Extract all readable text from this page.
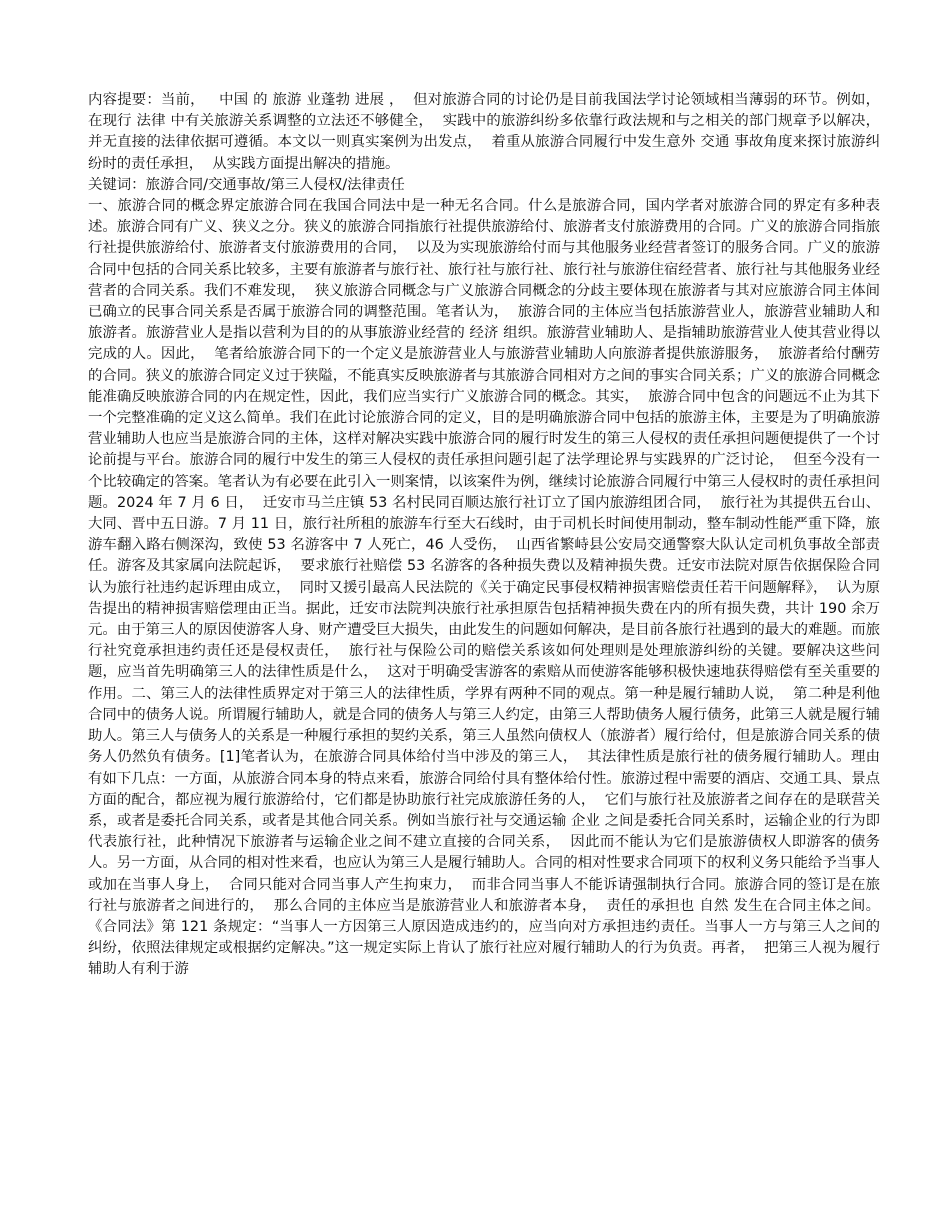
内容提要：当前，   中国 的 旅游 业蓬勃 进展 ，  但对旅游合同的讨论仍是目前我国法学讨论领域相当薄弱的环节。例如，在现行 法律 中有关旅游关系调整的立法还不够健全，  实践中的旅游纠纷多依靠行政法规和与之相关的部门规章予以解决，  并无直接的法律依据可遵循。本文以一则真实案例为出发点，  着重从旅游合同履行中发生意外 交通 事故角度来探讨旅游纠纷时的责任承担，  从实践方面提出解决的措施。

关键词：旅游合同/交通事故/第三人侵权/法律责任

一、旅游合同的概念界定旅游合同在我国合同法中是一种无名合同。什么是旅游合同，国内学者对旅游合同的界定有多种表述。旅游合同有广义、狭义之分。狭义的旅游合同指旅行社提供旅游给付、旅游者支付旅游费用的合同。广义的旅游合同指旅行社提供旅游给付、旅游者支付旅游费用的合同，  以及为实现旅游给付而与其他服务业经营者签订的服务合同。广义的旅游合同中包括的合同关系比较多，主要有旅游者与旅行社、旅行社与旅行社、旅行社与旅游住宿经营者、旅行社与其他服务业经营者的合同关系。我们不难发现，  狭义旅游合同概念与广义旅游合同概念的分歧主要体现在旅游者与其对应旅游合同主体间已确立的民事合同关系是否属于旅游合同的调整范围。笔者认为，  旅游合同的主体应当包括旅游营业人，旅游营业辅助人和旅游者。旅游营业人是指以营利为目的的从事旅游业经营的 经济 组织。旅游营业辅助人、是指辅助旅游营业人使其营业得以完成的人。因此，  笔者给旅游合同下的一个定义是旅游营业人与旅游营业辅助人向旅游者提供旅游服务，  旅游者给付酬劳的合同。狭义的旅游合同定义过于狭隘，不能真实反映旅游者与其旅游合同相对方之间的事实合同关系；广义的旅游合同概念能准确反映旅游合同的内在规定性，因此，我们应当实行广义旅游合同的概念。其实，  旅游合同中包含的问题远不止为其下一个完整准确的定义这么简单。我们在此讨论旅游合同的定义，目的是明确旅游合同中包括的旅游主体，主要是为了明确旅游营业辅助人也应当是旅游合同的主体，这样对解决实践中旅游合同的履行时发生的第三人侵权的责任承担问题便提供了一个讨论前提与平台。旅游合同的履行中发生的第三人侵权的责任承担问题引起了法学理论界与实践界的广泛讨论，  但至今没有一个比较确定的答案。笔者认为有必要在此引入一则案情，以该案件为例，继续讨论旅游合同履行中第三人侵权时的责任承担问题。2024 年 7 月 6 日，  迁安市马兰庄镇 53 名村民同百顺达旅行社订立了国内旅游组团合同，  旅行社为其提供五台山、大同、晋中五日游。7 月 11 日，旅行社所租的旅游车行至大石线时，由于司机长时间使用制动，整车制动性能严重下降，旅游车翻入路右侧深沟，致使 53 名游客中 7 人死亡，46 人受伤，  山西省繁峙县公安局交通警察大队认定司机负事故全部责任。游客及其家属向法院起诉，  要求旅行社赔偿 53 名游客的各种损失费以及精神损失费。迁安市法院对原告依据保险合同认为旅行社违约起诉理由成立，  同时又援引最高人民法院的《关于确定民事侵权精神损害赔偿责任若干问题解释》，  认为原告提出的精神损害赔偿理由正当。据此，迁安市法院判决旅行社承担原告包括精神损失费在内的所有损失费，共计 190 余万元。由于第三人的原因使游客人身、财产遭受巨大损失，由此发生的问题如何解决，是目前各旅行社遇到的最大的难题。而旅行社究竟承担违约责任还是侵权责任，  旅行社与保险公司的赔偿关系该如何处理则是处理旅游纠纷的关键。要解决这些问题，应当首先明确第三人的法律性质是什么，  这对于明确受害游客的索赔从而使游客能够积极快速地获得赔偿有至关重要的作用。二、第三人的法律性质界定对于第三人的法律性质，学界有两种不同的观点。第一种是履行辅助人说，  第二种是利他合同中的债务人说。所谓履行辅助人，就是合同的债务人与第三人约定，由第三人帮助债务人履行债务，此第三人就是履行辅助人。第三人与债务人的关系是一种履行承担的契约关系，第三人虽然向债权人（旅游者）履行给付，但是旅游合同关系的债务人仍然负有债务。[1]笔者认为，在旅游合同具体给付当中涉及的第三人，  其法律性质是旅行社的债务履行辅助人。理由有如下几点：一方面，从旅游合同本身的特点来看，旅游合同给付具有整体给付性。旅游过程中需要的酒店、交通工具、景点方面的配合，都应视为履行旅游给付，它们都是协助旅行社完成旅游任务的人，  它们与旅行社及旅游者之间存在的是联营关系，或者是委托合同关系，或者是其他合同关系。例如当旅行社与交通运输 企业 之间是委托合同关系时，运输企业的行为即代表旅行社，此种情况下旅游者与运输企业之间不建立直接的合同关系，  因此而不能认为它们是旅游债权人即游客的债务人。另一方面，从合同的相对性来看，也应认为第三人是履行辅助人。合同的相对性要求合同项下的权利义务只能给予当事人或加在当事人身上，  合同只能对合同当事人产生拘束力，  而非合同当事人不能诉请强制执行合同。旅游合同的签订是在旅行社与旅游者之间进行的，  那么合同的主体应当是旅游营业人和旅游者本身，  责任的承担也 自然 发生在合同主体之间。《合同法》第 121 条规定：“当事人一方因第三人原因造成违约的，应当向对方承担违约责任。当事人一方与第三人之间的纠纷，依照法律规定或根据约定解决。”这一规定实际上肯认了旅行社应对履行辅助人的行为负责。再者，  把第三人视为履行辅助人有利于游
